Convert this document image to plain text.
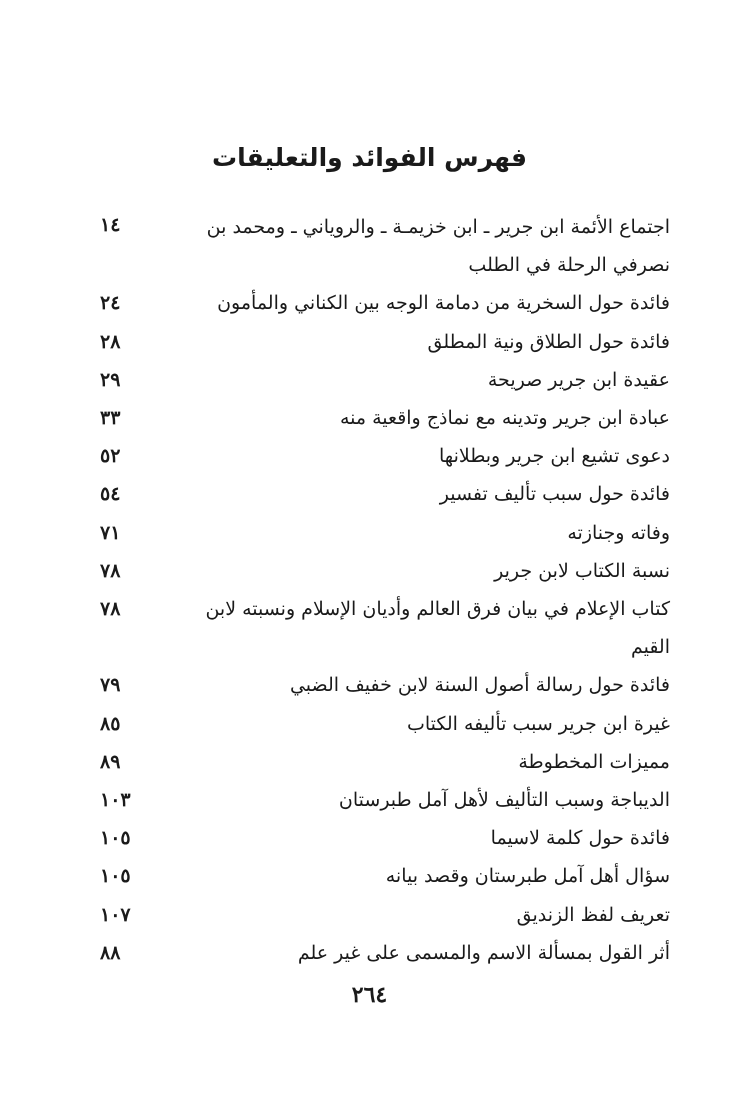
فهرس الفوائد والتعليقات
اجتماع الأئمة ابن جرير ـ ابن خزيمـة ـ والروياني ـ ومحمد بن نصرفي الرحلة في الطلب
١٤
فائدة حول السخرية من دمامة الوجه بين الكناني والمأمون
٢٤
فائدة حول الطلاق ونية المطلق
٢٨
عقيدة ابن جرير صريحة
٢٩
عبادة ابن جرير وتدينه مع نماذج واقعية منه
٣٣
دعوى تشيع ابن جرير وبطلانها
٥٢
فائدة حول سبب تأليف تفسير
٥٤
وفاته وجنازته
٧١
نسبة الكتاب لابن جرير
٧٨
كتاب الإعلام في بيان فرق العالم وأديان الإسلام ونسبته لابن القيم
٧٨
فائدة حول رسالة أصول السنة لابن خفيف الضبي
٧٩
غيرة ابن جرير سبب تأليفه الكتاب
٨٥
مميزات المخطوطة
٨٩
الديباجة وسبب التأليف لأهل آمل طبرستان
١٠٣
فائدة حول كلمة لاسيما
١٠٥
سؤال أهل آمل طبرستان وقصد بيانه
١٠٥
تعريف لفظ الزنديق
١٠٧
أثر القول بمسألة الاسم والمسمى على غير علم
٨٨
٢٦٤
